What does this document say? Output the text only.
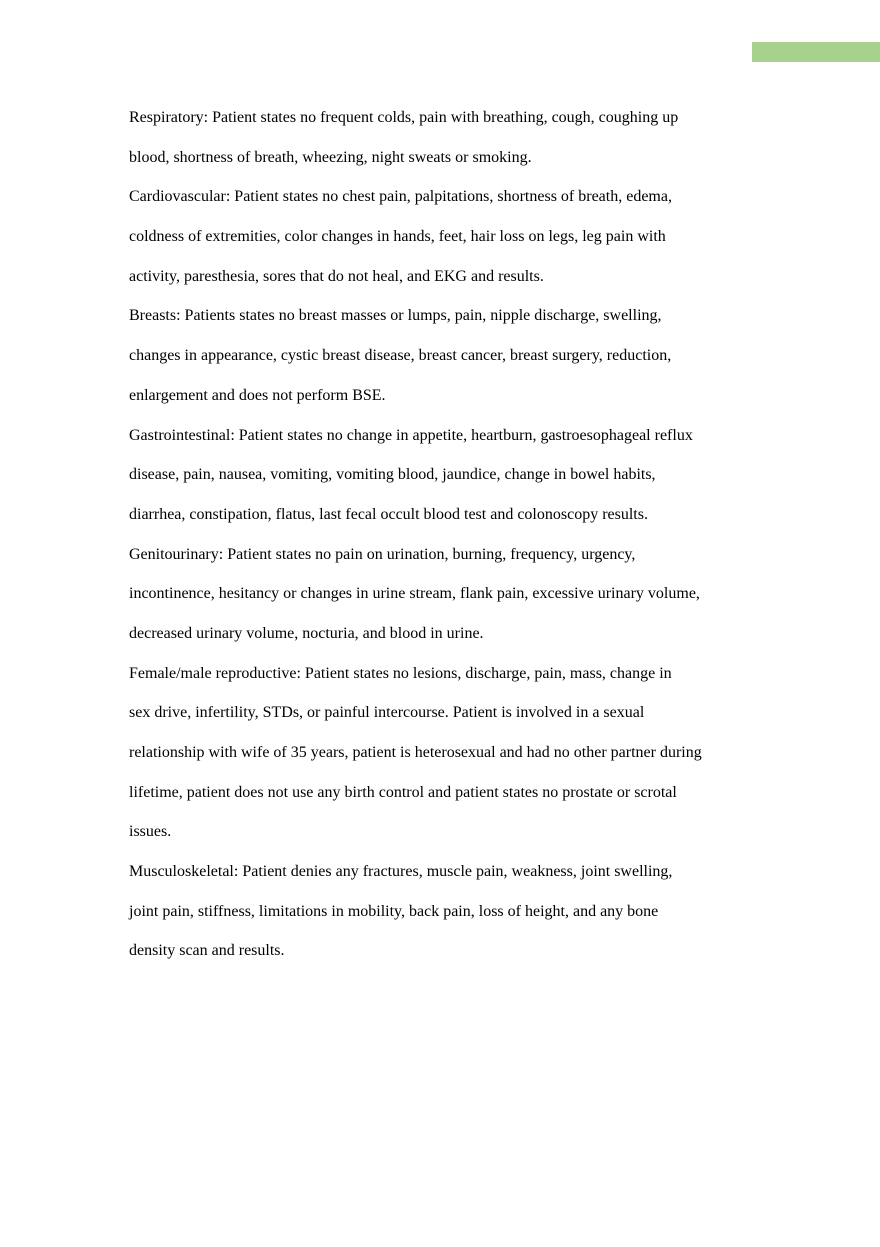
Respiratory: Patient states no frequent colds, pain with breathing, cough, coughing up
blood, shortness of breath, wheezing, night sweats or smoking.
Cardiovascular: Patient states no chest pain, palpitations, shortness of breath, edema,
coldness of extremities, color changes in hands, feet, hair loss on legs, leg pain with
activity, paresthesia, sores that do not heal, and EKG and results.
Breasts: Patients states no breast masses or lumps, pain, nipple discharge, swelling,
changes in appearance, cystic breast disease, breast cancer, breast surgery, reduction,
enlargement and does not perform BSE.
Gastrointestinal: Patient states no change in appetite, heartburn, gastroesophageal reflux
disease, pain, nausea, vomiting, vomiting blood, jaundice, change in bowel habits,
diarrhea, constipation, flatus, last fecal occult blood test and colonoscopy results.
Genitourinary: Patient states no pain on urination, burning, frequency, urgency,
incontinence, hesitancy or changes in urine stream, flank pain, excessive urinary volume,
decreased urinary volume, nocturia, and blood in urine.
Female/male reproductive: Patient states no lesions, discharge, pain, mass, change in
sex drive, infertility, STDs, or painful intercourse. Patient is involved in a sexual
relationship with wife of 35 years, patient is heterosexual and had no other partner during
lifetime, patient does not use any birth control and patient states no prostate or scrotal
issues.
Musculoskeletal: Patient denies any fractures, muscle pain, weakness, joint swelling,
joint pain, stiffness, limitations in mobility, back pain, loss of height, and any bone
density scan and results.
